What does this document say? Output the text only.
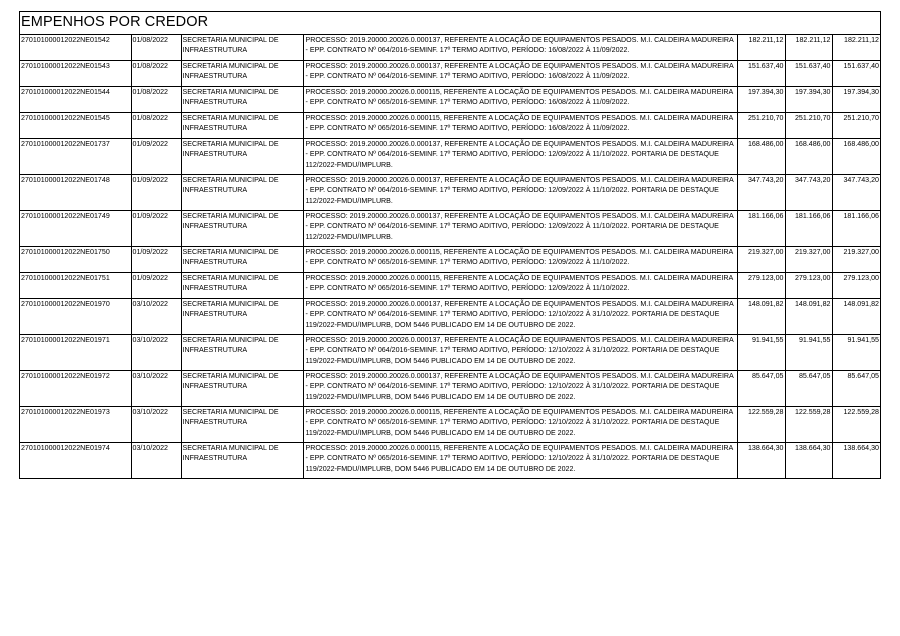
EMPENHOS POR CREDOR
270101000012022NE01542	01/08/2022	SECRETARIA MUNICIPAL DE INFRAESTRUTURA	PROCESSO: 2019.20000.20026.0.000137, REFERENTE A LOCAÇÃO DE EQUIPAMENTOS PESADOS. M.I. CALDEIRA MADUREIRA - EPP. CONTRATO Nº 064/2016-SEMINF. 17º TERMO ADITIVO, PERÍODO: 16/08/2022 À 11/09/2022.	182.211,12	182.211,12	182.211,12
270101000012022NE01543	01/08/2022	SECRETARIA MUNICIPAL DE INFRAESTRUTURA	PROCESSO: 2019.20000.20026.0.000137, REFERENTE A LOCAÇÃO DE EQUIPAMENTOS PESADOS. M.I. CALDEIRA MADUREIRA - EPP. CONTRATO Nº 064/2016-SEMINF. 17º TERMO ADITIVO, PERÍODO: 16/08/2022 À 11/09/2022.	151.637,40	151.637,40	151.637,40
270101000012022NE01544	01/08/2022	SECRETARIA MUNICIPAL DE INFRAESTRUTURA	PROCESSO: 2019.20000.20026.0.000115, REFERENTE A LOCAÇÃO DE EQUIPAMENTOS PESADOS. M.I. CALDEIRA MADUREIRA - EPP. CONTRATO Nº 065/2016-SEMINF. 17º TERMO ADITIVO, PERÍODO: 16/08/2022 À 11/09/2022.	197.394,30	197.394,30	197.394,30
270101000012022NE01545	01/08/2022	SECRETARIA MUNICIPAL DE INFRAESTRUTURA	PROCESSO: 2019.20000.20026.0.000115, REFERENTE A LOCAÇÃO DE EQUIPAMENTOS PESADOS. M.I. CALDEIRA MADUREIRA - EPP. CONTRATO Nº 065/2016-SEMINF. 17º TERMO ADITIVO, PERÍODO: 16/08/2022 À 11/09/2022.	251.210,70	251.210,70	251.210,70
270101000012022NE01737	01/09/2022	SECRETARIA MUNICIPAL DE INFRAESTRUTURA	PROCESSO: 2019.20000.20026.0.000137, REFERENTE A LOCAÇÃO DE EQUIPAMENTOS PESADOS. M.I. CALDEIRA MADUREIRA - EPP. CONTRATO Nº 064/2016-SEMINF. 17º TERMO ADITIVO, PERÍODO: 12/09/2022 À 11/10/2022. PORTARIA DE DESTAQUE 112/2022-FMDU/IMPLURB.	168.486,00	168.486,00	168.486,00
270101000012022NE01748	01/09/2022	SECRETARIA MUNICIPAL DE INFRAESTRUTURA	PROCESSO: 2019.20000.20026.0.000137, REFERENTE A LOCAÇÃO DE EQUIPAMENTOS PESADOS. M.I. CALDEIRA MADUREIRA - EPP. CONTRATO Nº 064/2016-SEMINF. 17º TERMO ADITIVO, PERÍODO: 12/09/2022 À 11/10/2022. PORTARIA DE DESTAQUE 112/2022-FMDU/IMPLURB.	347.743,20	347.743,20	347.743,20
270101000012022NE01749	01/09/2022	SECRETARIA MUNICIPAL DE INFRAESTRUTURA	PROCESSO: 2019.20000.20026.0.000137, REFERENTE A LOCAÇÃO DE EQUIPAMENTOS PESADOS. M.I. CALDEIRA MADUREIRA - EPP. CONTRATO Nº 064/2016-SEMINF. 17º TERMO ADITIVO, PERÍODO: 12/09/2022 À 11/10/2022. PORTARIA DE DESTAQUE 112/2022-FMDU/IMPLURB.	181.166,06	181.166,06	181.166,06
270101000012022NE01750	01/09/2022	SECRETARIA MUNICIPAL DE INFRAESTRUTURA	PROCESSO: 2019.20000.20026.0.000115, REFERENTE A LOCAÇÃO DE EQUIPAMENTOS PESADOS. M.I. CALDEIRA MADUREIRA - EPP. CONTRATO Nº 065/2016-SEMINF. 17º TERMO ADITIVO, PERÍODO: 12/09/2022 À 11/10/2022.	219.327,00	219.327,00	219.327,00
270101000012022NE01751	01/09/2022	SECRETARIA MUNICIPAL DE INFRAESTRUTURA	PROCESSO: 2019.20000.20026.0.000115, REFERENTE A LOCAÇÃO DE EQUIPAMENTOS PESADOS. M.I. CALDEIRA MADUREIRA - EPP. CONTRATO Nº 065/2016-SEMINF. 17º TERMO ADITIVO, PERÍODO: 12/09/2022 À 11/10/2022.	279.123,00	279.123,00	279.123,00
270101000012022NE01970	03/10/2022	SECRETARIA MUNICIPAL DE INFRAESTRUTURA	PROCESSO: 2019.20000.20026.0.000137, REFERENTE A LOCAÇÃO DE EQUIPAMENTOS PESADOS. M.I. CALDEIRA MADUREIRA - EPP. CONTRATO Nº 064/2016-SEMINF. 17º TERMO ADITIVO, PERÍODO: 12/10/2022 À 31/10/2022. PORTARIA DE DESTAQUE 119/2022-FMDU/IMPLURB, DOM 5446 PUBLICADO EM 14 DE OUTUBRO DE 2022.	148.091,82	148.091,82	148.091,82
270101000012022NE01971	03/10/2022	SECRETARIA MUNICIPAL DE INFRAESTRUTURA	PROCESSO: 2019.20000.20026.0.000137, REFERENTE A LOCAÇÃO DE EQUIPAMENTOS PESADOS. M.I. CALDEIRA MADUREIRA - EPP. CONTRATO Nº 064/2016-SEMINF. 17º TERMO ADITIVO, PERÍODO: 12/10/2022 À 31/10/2022. PORTARIA DE DESTAQUE 119/2022-FMDU/IMPLURB, DOM 5446 PUBLICADO EM 14 DE OUTUBRO DE 2022.	91.941,55	91.941,55	91.941,55
270101000012022NE01972	03/10/2022	SECRETARIA MUNICIPAL DE INFRAESTRUTURA	PROCESSO: 2019.20000.20026.0.000137, REFERENTE A LOCAÇÃO DE EQUIPAMENTOS PESADOS. M.I. CALDEIRA MADUREIRA - EPP. CONTRATO Nº 064/2016-SEMINF. 17º TERMO ADITIVO, PERÍODO: 12/10/2022 À 31/10/2022. PORTARIA DE DESTAQUE 119/2022-FMDU/IMPLURB, DOM 5446 PUBLICADO EM 14 DE OUTUBRO DE 2022.	85.647,05	85.647,05	85.647,05
270101000012022NE01973	03/10/2022	SECRETARIA MUNICIPAL DE INFRAESTRUTURA	PROCESSO: 2019.20000.20026.0.000115, REFERENTE A LOCAÇÃO DE EQUIPAMENTOS PESADOS. M.I. CALDEIRA MADUREIRA - EPP. CONTRATO Nº 065/2016-SEMINF. 17º TERMO ADITIVO, PERÍODO: 12/10/2022 À 31/10/2022. PORTARIA DE DESTAQUE 119/2022-FMDU/IMPLURB, DOM 5446 PUBLICADO EM 14 DE OUTUBRO DE 2022.	122.559,28	122.559,28	122.559,28
270101000012022NE01974	03/10/2022	SECRETARIA MUNICIPAL DE INFRAESTRUTURA	PROCESSO: 2019.20000.20026.0.000115, REFERENTE A LOCAÇÃO DE EQUIPAMENTOS PESADOS. M.I. CALDEIRA MADUREIRA - EPP. CONTRATO Nº 065/2016-SEMINF. 17º TERMO ADITIVO, PERÍODO: 12/10/2022 À 31/10/2022. PORTARIA DE DESTAQUE 119/2022-FMDU/IMPLURB, DOM 5446 PUBLICADO EM 14 DE OUTUBRO DE 2022.	138.664,30	138.664,30	138.664,30
